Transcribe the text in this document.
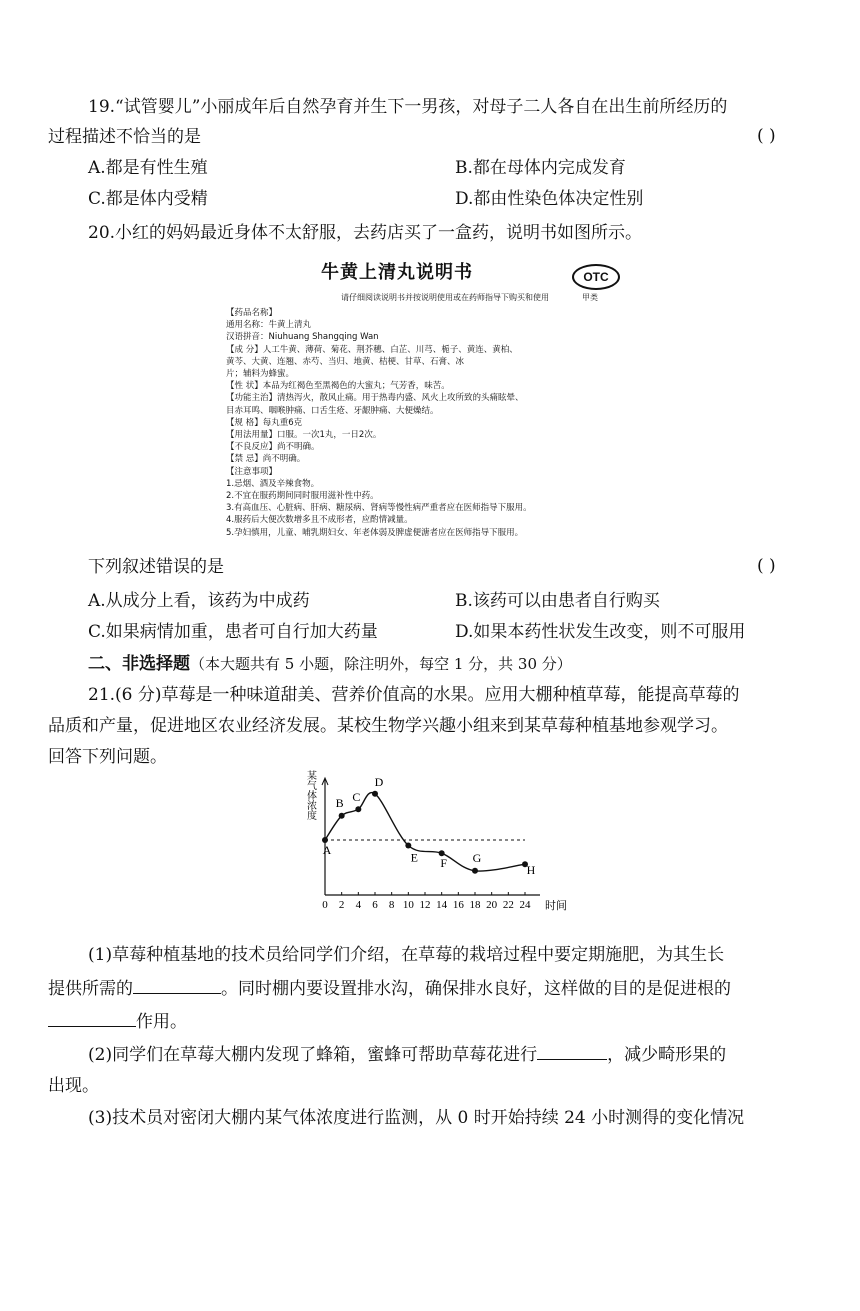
19.“试管婴儿”小丽成年后自然孕育并生下一男孩，对母子二人各自在出生前所经历的
过程描述不恰当的是	( )
A.都是有性生殖	B.都在母体内完成发育
C.都是体内受精	D.都由性染色体决定性别
20.小红的妈妈最近身体不太舒服，去药店买了一盒药，说明书如图所示。
牛黄上清丸说明书	OTC
甲类
请仔细阅读说明书并按说明使用或在药师指导下购买和使用
【药品名称】
通用名称：牛黄上清丸
汉语拼音：Niuhuang Shangqing Wan
【成 分】人工牛黄、薄荷、菊花、荆芥穗、白芷、川芎、栀子、黄连、黄柏、
黄芩、大黄、连翘、赤芍、当归、地黄、桔梗、甘草、石膏、冰
片；辅料为蜂蜜。
【性 状】本品为红褐色至黑褐色的大蜜丸；气芳香，味苦。
【功能主治】清热泻火，散风止痛。用于热毒内盛、风火上攻所致的头痛眩晕、
目赤耳鸣、咽喉肿痛、口舌生疮、牙龈肿痛、大便燥结。
【规 格】每丸重6克
【用法用量】口服。一次1丸，一日2次。
【不良反应】尚不明确。
【禁 忌】尚不明确。
【注意事项】
1.忌烟、酒及辛辣食物。
2.不宜在服药期间同时服用滋补性中药。
3.有高血压、心脏病、肝病、糖尿病、肾病等慢性病严重者应在医师指导下服用。
4.服药后大便次数增多且不成形者，应酌情减量。
5.孕妇慎用，儿童、哺乳期妇女、年老体弱及脾虚便溏者应在医师指导下服用。
下列叙述错误的是	( )
A.从成分上看，该药为中成药	B.该药可以由患者自行购买
C.如果病情加重，患者可自行加大药量	D.如果本药性状发生改变，则不可服用
二、非选择题（本大题共有 5 小题，除注明外，每空 1 分，共 30 分）
21.(6 分)草莓是一种味道甜美、营养价值高的水果。应用大棚种植草莓，能提高草莓的
品质和产量，促进地区农业经济发展。某校生物学兴趣小组来到某草莓种植基地参观学习。
回答下列问题。
0 2 4 6 8 10 12 14 16 18 20 22 24 时间
某气体浓度
A
B C
D
E F G
H
(1)草莓种植基地的技术员给同学们介绍，在草莓的栽培过程中要定期施肥，为其生长
提供所需的	。同时棚内要设置排水沟，确保排水良好，这样做的目的是促进根的
作用。
(2)同学们在草莓大棚内发现了蜂箱，蜜蜂可帮助草莓花进行	，减少畸形果的
出现。
(3)技术员对密闭大棚内某气体浓度进行监测，从 0 时开始持续 24 小时测得的变化情况
